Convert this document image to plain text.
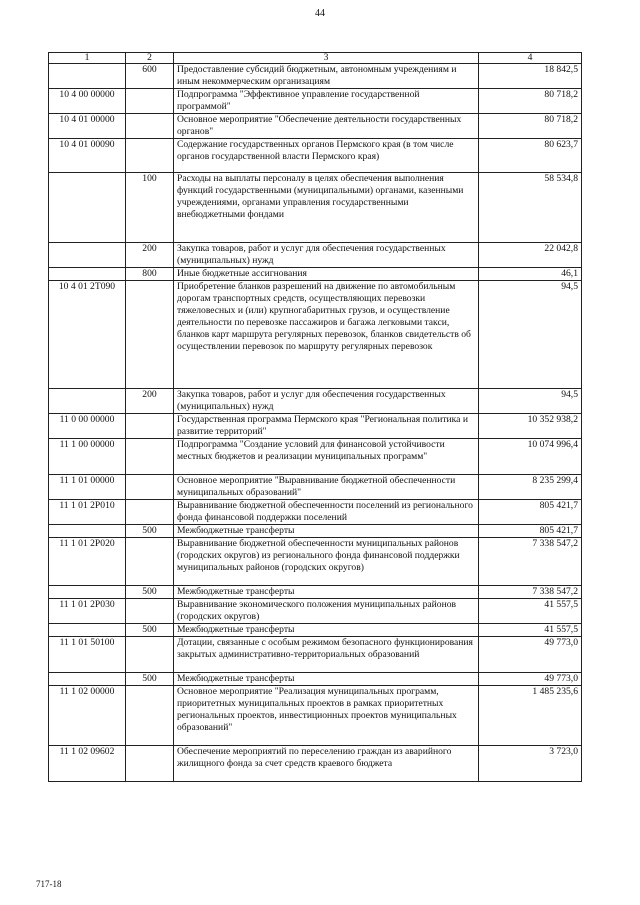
44
1	2	3	4
	600	Предоставление субсидий бюджетным, автономным учреждениям и иным некоммерческим организациям	18 842,5
10 4 00 00000		Подпрограмма "Эффективное управление государственной программой"	80 718,2
10 4 01 00000		Основное мероприятие "Обеспечение деятельности государственных органов"	80 718,2
10 4 01 00090		Содержание государственных органов Пермского края (в том числе органов государственной власти Пермского края)	80 623,7
	100	Расходы на выплаты персоналу в целях обеспечения выполнения функций государственными (муниципальными) органами, казенными учреждениями, органами управления государственными внебюджетными фондами	58 534,8
	200	Закупка товаров, работ и услуг для обеспечения государственных (муниципальных) нужд	22 042,8
	800	Иные бюджетные ассигнования	46,1
10 4 01 2Т090		Приобретение бланков разрешений на движение по автомобильным дорогам транспортных средств, осуществляющих перевозки тяжеловесных и (или) крупногабаритных грузов, и осуществление деятельности по перевозке пассажиров и багажа легковыми такси, бланков карт маршрута регулярных перевозок, бланков свидетельств об осуществлении перевозок по маршруту регулярных перевозок	94,5
	200	Закупка товаров, работ и услуг для обеспечения государственных (муниципальных) нужд	94,5
11 0 00 00000		Государственная программа Пермского края "Региональная политика и развитие территорий"	10 352 938,2
11 1 00 00000		Подпрограмма "Создание условий для финансовой устойчивости местных бюджетов и реализации муниципальных программ"	10 074 996,4
11 1 01 00000		Основное мероприятие "Выравнивание бюджетной обеспеченности муниципальных образований"	8 235 299,4
11 1 01 2Р010		Выравнивание бюджетной обеспеченности поселений из регионального фонда финансовой поддержки поселений	805 421,7
	500	Межбюджетные трансферты	805 421,7
11 1 01 2Р020		Выравнивание бюджетной обеспеченности муниципальных районов (городских округов) из регионального фонда финансовой поддержки муниципальных районов (городских округов)	7 338 547,2
	500	Межбюджетные трансферты	7 338 547,2
11 1 01 2Р030		Выравнивание экономического положения муниципальных районов (городских округов)	41 557,5
	500	Межбюджетные трансферты	41 557,5
11 1 01 50100		Дотации, связанные с особым режимом безопасного функционирования закрытых административно-территориальных образований	49 773,0
	500	Межбюджетные трансферты	49 773,0
11 1 02 00000		Основное мероприятие "Реализация муниципальных программ, приоритетных муниципальных проектов в рамках приоритетных региональных проектов, инвестиционных проектов муниципальных образований"	1 485 235,6
11 1 02 09602		Обеспечение мероприятий по переселению граждан из аварийного жилищного фонда за счет средств краевого бюджета	3 723,0
717-18
